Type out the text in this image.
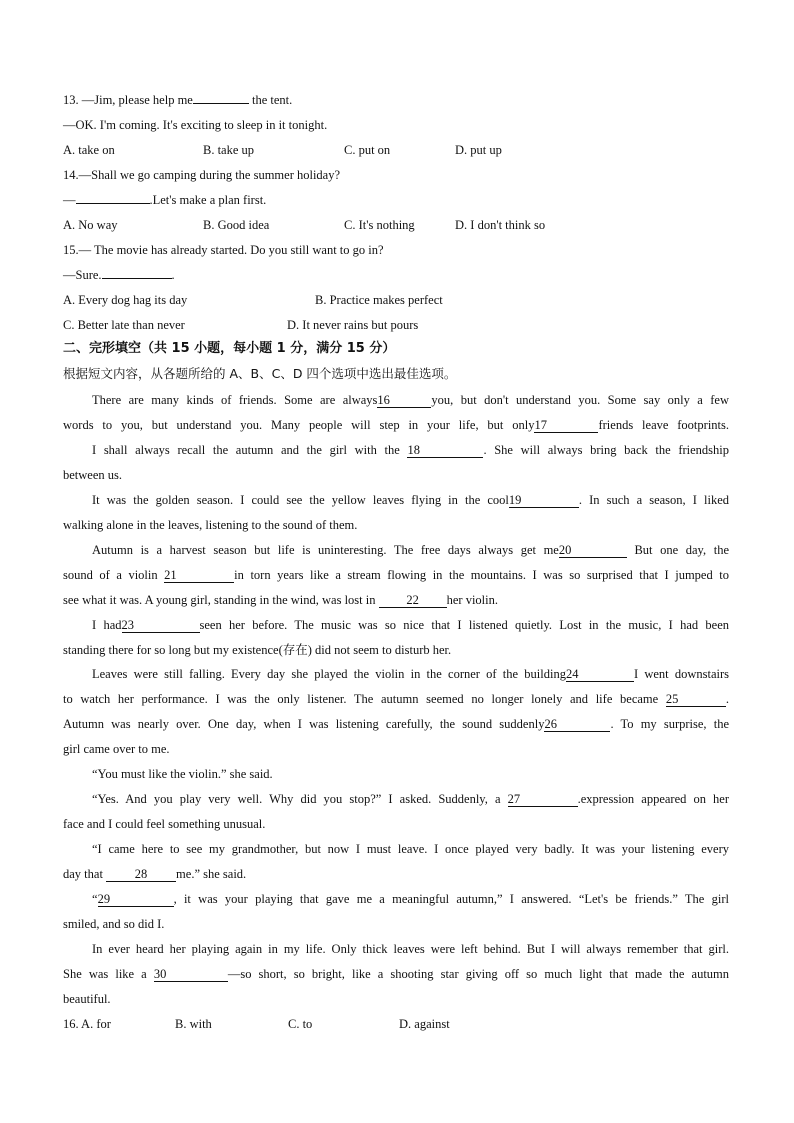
13. —Jim, please help me	the tent.
—OK. I'm coming. It's exciting to sleep in it tonight.
A. take on	B. take up	C. put on	D. put up
14.—Shall we go camping during the summer holiday?
—	.Let's make a plan first.
A. No way	B. Good idea	C. It's nothing	D. I don't think so
15.— The movie has already started. Do you still want to go in?
—Sure.	.
A. Every dog hag its day	B. Practice makes perfect
C. Better late than never	D. It never rains but pours
二、完形填空（共 15 小题，每小题 1 分，满分 15 分）
根据短文内容，从各题所给的 A、B、C、D 四个选项中选出最佳选项。
There are many kinds of friends. Some are always16	you, but don't understand you. Some say only a few
words to you, but understand you. Many people will step in your life, but only17	friends leave footprints.
I shall always recall the autumn and the girl with the 18	. She will always bring back the friendship
between us.
It was the golden season. I could see the yellow leaves flying in the cool19	. In such a season, I liked
walking alone in the leaves, listening to the sound of them.
Autumn is a harvest season but life is uninteresting. The free days always get me20	But one day, the
sound of a violin 21	in torn years like a stream flowing in the mountains. I was so surprised that I jumped to
see what it was. A young girl, standing in the wind, was lost in 22 her violin.
I had23	seen her before. The music was so nice that I listened quietly. Lost in the music, I had been
standing there for so long but my existence(存在) did not seem to disturb her.
Leaves were still falling. Every day she played the violin in the corner of the building24	I went downstairs
to watch her performance. I was the only listener. The autumn seemed no longer lonely and life became 25	.
Autumn was nearly over. One day, when I was listening carefully, the sound suddenly26	. To my surprise, the
girl came over to me.
“You must like the violin.” she said.
“Yes. And you play very well. Why did you stop?” I asked. Suddenly, a 27	.expression appeared on her
face and I could feel something unusual.
“I came here to see my grandmother, but now I must leave. I once played very badly. It was your listening every
day that	28 me.” she said.
“29	, it was your playing that gave me a meaningful autumn,” I answered. “Let's be friends.” The girl
smiled, and so did I.
In ever heard her playing again in my life. Only thick leaves were left behind. But I will always remember that girl.
She was like a 30	—so short, so bright, like a shooting star giving off so much light that made the autumn
beautiful.
16. A. for	B. with	C. to	D. against
